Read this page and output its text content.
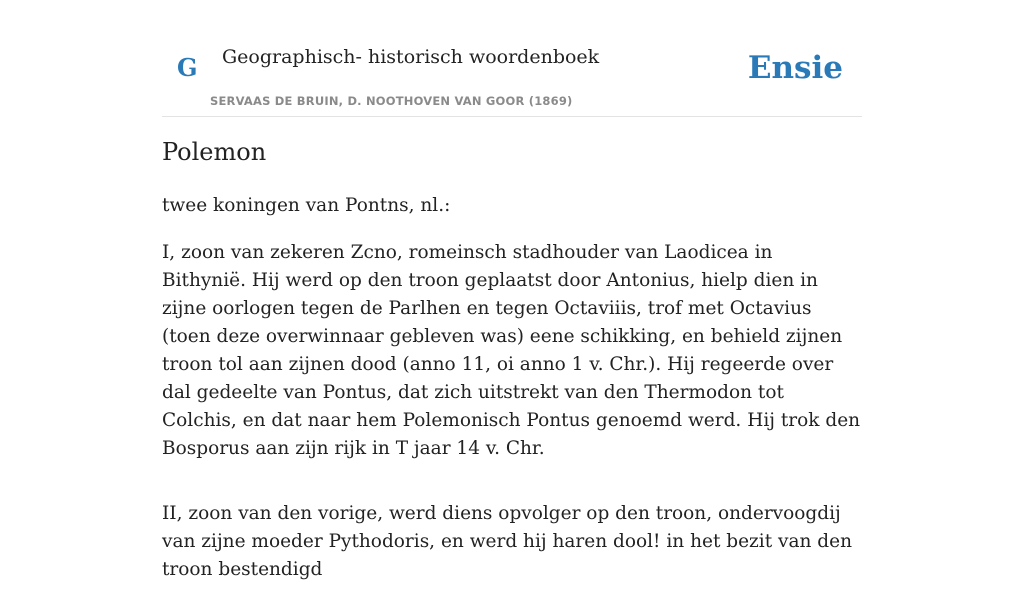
G Geographisch- historisch woordenboek
SERVAAS DE BRUIN, D. NOOTHOVEN VAN GOOR (1869)
Ensie
Polemon

twee koningen van Pontns, nl.:

I, zoon van zekeren Zcno, romeinsch stadhouder van Laodicea in Bithynië. Hij werd op den troon geplaatst door Antonius, hielp dien in zijne oorlogen tegen de Parlhen en tegen Octaviiis, trof met Octavius (toen deze overwinnaar gebleven was) eene schikking, en behield zijnen troon tol aan zijnen dood (anno 11, oi anno 1 v. Chr.). Hij regeerde over dal gedeelte van Pontus, dat zich uitstrekt van den Thermodon tot Colchis, en dat naar hem Polemonisch Pontus genoemd werd. Hij trok den Bosporus aan zijn rijk in T jaar 14 v. Chr.

II, zoon van den vorige, werd diens opvolger op den troon, ondervoogdij van zijne moeder Pythodoris, en werd hij haren dool! in het bezit van den troon bestendigd
